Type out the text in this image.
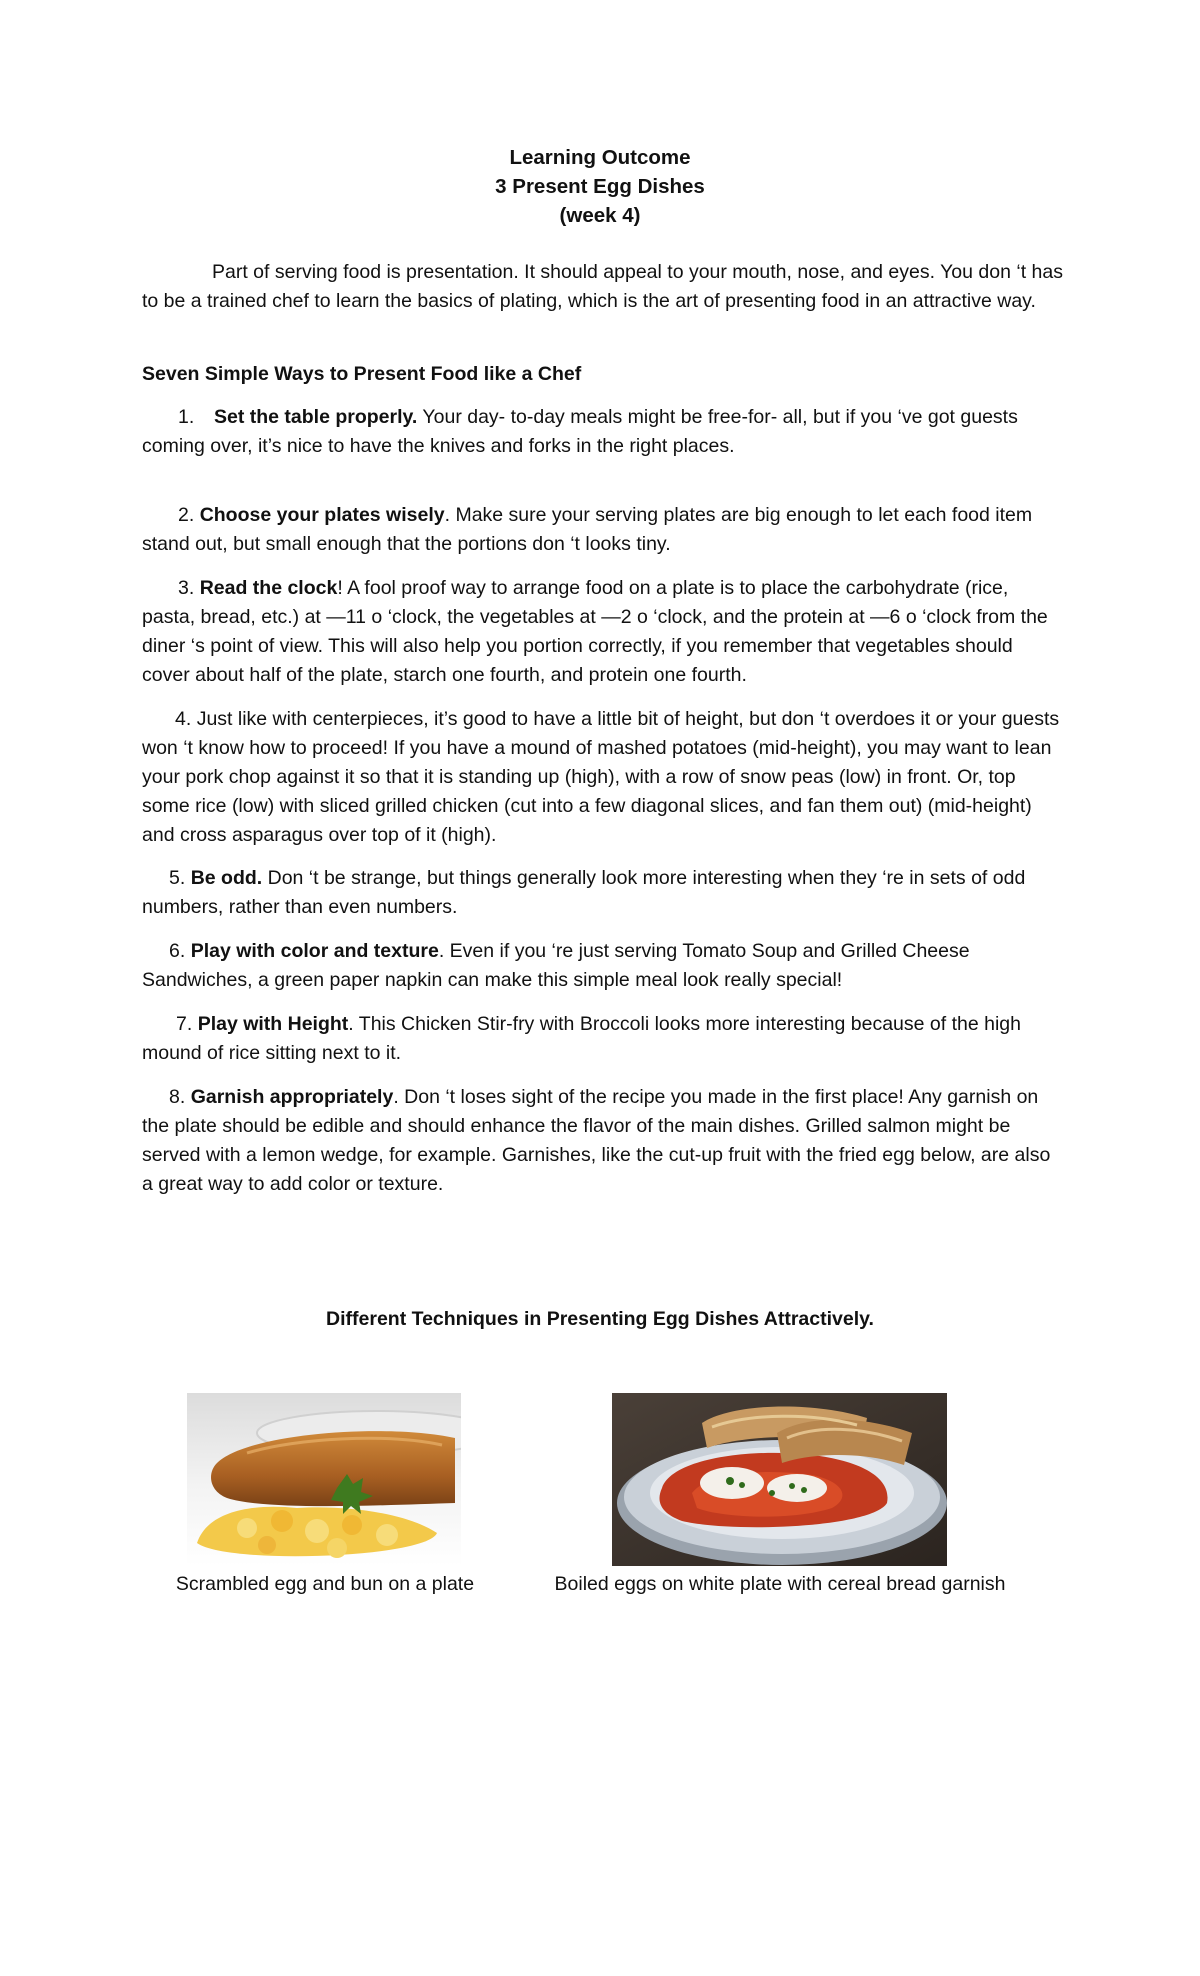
Learning Outcome
3 Present Egg Dishes
(week 4)
Part of serving food is presentation. It should appeal to your mouth, nose, and eyes. You don ‘t has to be a trained chef to learn the basics of plating, which is the art of presenting food in an attractive way.
Seven Simple Ways to Present Food like a Chef
1. Set the table properly. Your day- to-day meals might be free-for- all, but if you ‘ve got guests coming over, it’s nice to have the knives and forks in the right places.
2. Choose your plates wisely. Make sure your serving plates are big enough to let each food item stand out, but small enough that the portions don ‘t looks tiny.
3. Read the clock! A fool proof way to arrange food on a plate is to place the carbohydrate (rice, pasta, bread, etc.) at ―11 o ‘clock, the vegetables at ―2 o ‘clock, and the protein at ―6 o ‘clock from the diner ‘s point of view. This will also help you portion correctly, if you remember that vegetables should cover about half of the plate, starch one fourth, and protein one fourth.
4. Just like with centerpieces, it’s good to have a little bit of height, but don ‘t overdoes it or your guests won ‘t know how to proceed! If you have a mound of mashed potatoes (mid-height), you may want to lean your pork chop against it so that it is standing up (high), with a row of snow peas (low) in front. Or, top some rice (low) with sliced grilled chicken (cut into a few diagonal slices, and fan them out) (mid-height) and cross asparagus over top of it (high).
5. Be odd. Don ‘t be strange, but things generally look more interesting when they ‘re in sets of odd numbers, rather than even numbers.
6. Play with color and texture. Even if you ‘re just serving Tomato Soup and Grilled Cheese Sandwiches, a green paper napkin can make this simple meal look really special!
7. Play with Height. This Chicken Stir-fry with Broccoli looks more interesting because of the high mound of rice sitting next to it.
8. Garnish appropriately. Don ‘t loses sight of the recipe you made in the first place! Any garnish on the plate should be edible and should enhance the flavor of the main dishes. Grilled salmon might be served with a lemon wedge, for example. Garnishes, like the cut-up fruit with the fried egg below, are also a great way to add color or texture.
Different Techniques in Presenting Egg Dishes Attractively.
Scrambled egg and bun on a plate	Boiled eggs on white plate with cereal bread garnish
